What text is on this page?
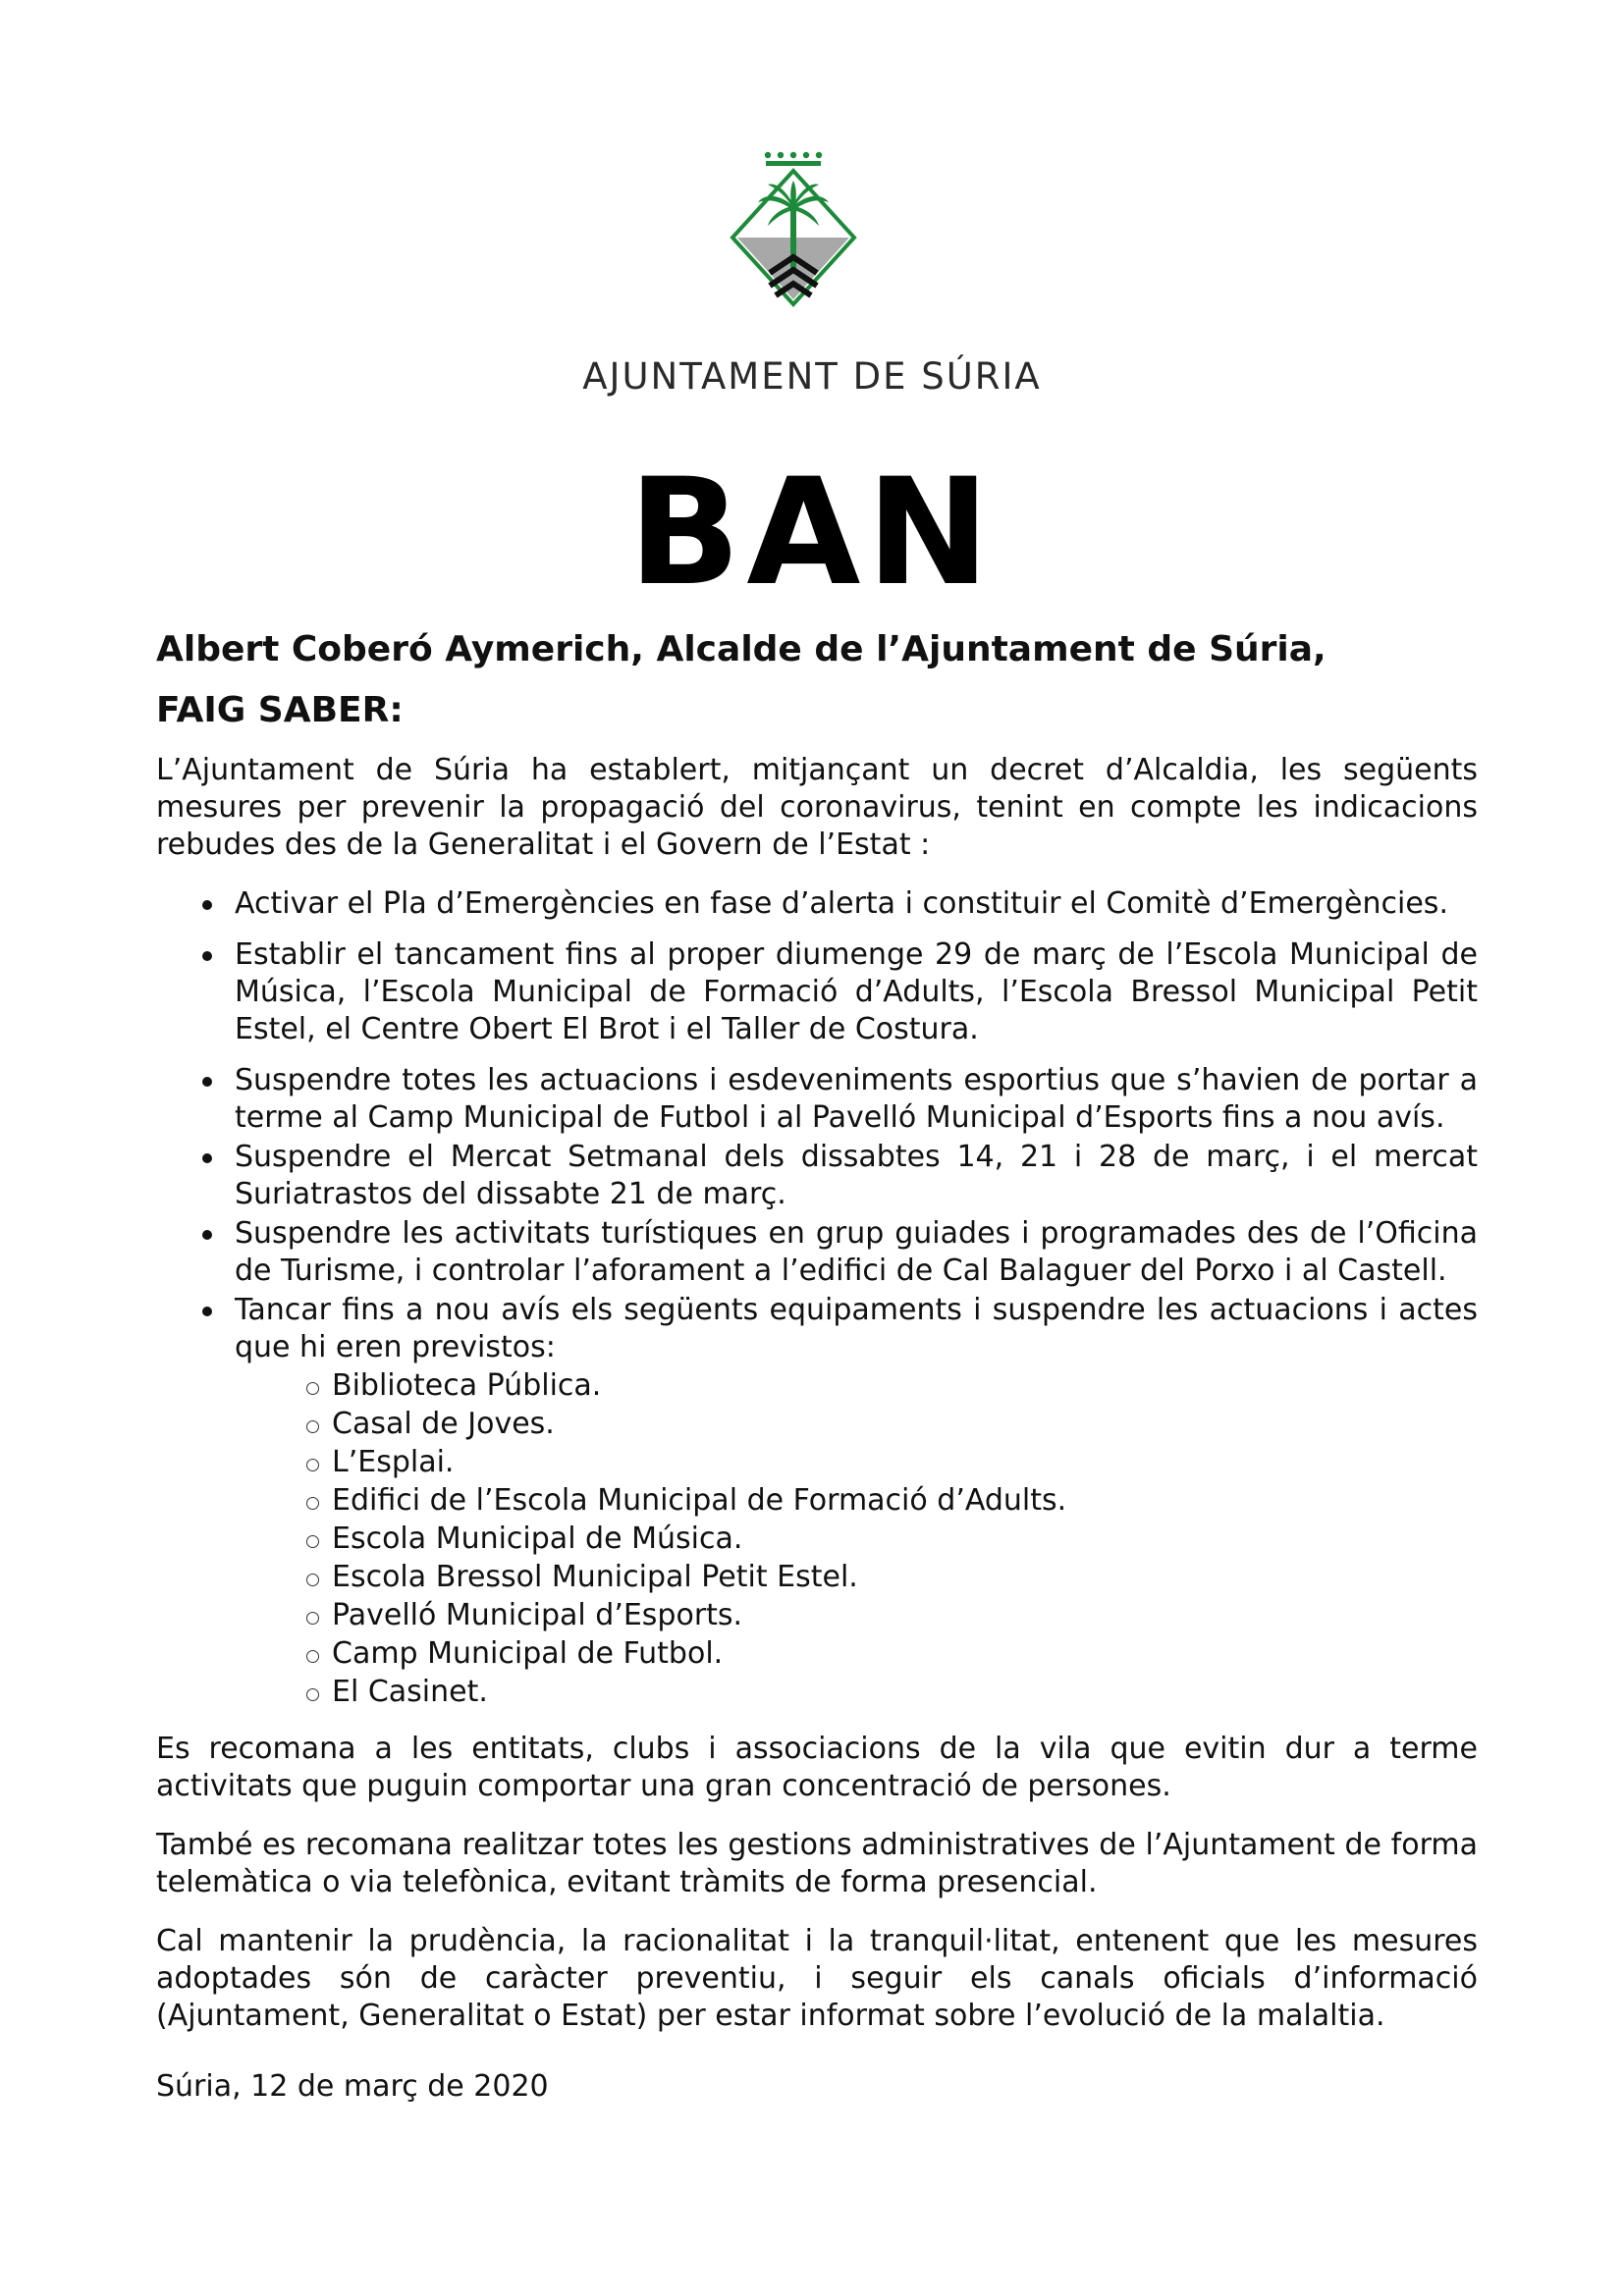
AJUNTAMENT DE SÚRIA
BAN
Albert Coberó Aymerich, Alcalde de l’Ajuntament de Súria,
FAIG SABER:

L’Ajuntament de Súria ha establert, mitjançant un decret d’Alcaldia, les següents mesures per prevenir la propagació del coronavirus, tenint en compte les indicacions rebudes des de la Generalitat i el Govern de l’Estat :

Activar el Pla d’Emergències en fase d’alerta i constituir el Comitè d’Emergències.
Establir el tancament fins al proper diumenge 29 de març de l’Escola Municipal de Música, l’Escola Municipal de Formació d’Adults, l’Escola Bressol Municipal Petit Estel, el Centre Obert El Brot i el Taller de Costura.
Suspendre totes les actuacions i esdeveniments esportius que s’havien de portar a terme al Camp Municipal de Futbol i al Pavelló Municipal d’Esports fins a nou avís.
Suspendre el Mercat Setmanal dels dissabtes 14, 21 i 28 de març, i el mercat Suriatrastos del dissabte 21 de març.
Suspendre les activitats turístiques en grup guiades i programades des de l’Oficina de Turisme, i controlar l’aforament a l’edifici de Cal Balaguer del Porxo i al Castell.
Tancar fins a nou avís els següents equipaments i suspendre les actuacions i actes que hi eren previstos:
Biblioteca Pública.
Casal de Joves.
L’Esplai.
Edifici de l’Escola Municipal de Formació d’Adults.
Escola Municipal de Música.
Escola Bressol Municipal Petit Estel.
Pavelló Municipal d’Esports.
Camp Municipal de Futbol.
El Casinet.

Es recomana a les entitats, clubs i associacions de la vila que evitin dur a terme activitats que puguin comportar una gran concentració de persones.

També es recomana realitzar totes les gestions administratives de l’Ajuntament de forma telemàtica o via telefònica, evitant tràmits de forma presencial.

Cal mantenir la prudència, la racionalitat i la tranquil·litat, entenent que les mesures adoptades són de caràcter preventiu, i seguir els canals oficials d’informació (Ajuntament, Generalitat o Estat) per estar informat sobre l’evolució de la malaltia.

Súria, 12 de març de 2020
